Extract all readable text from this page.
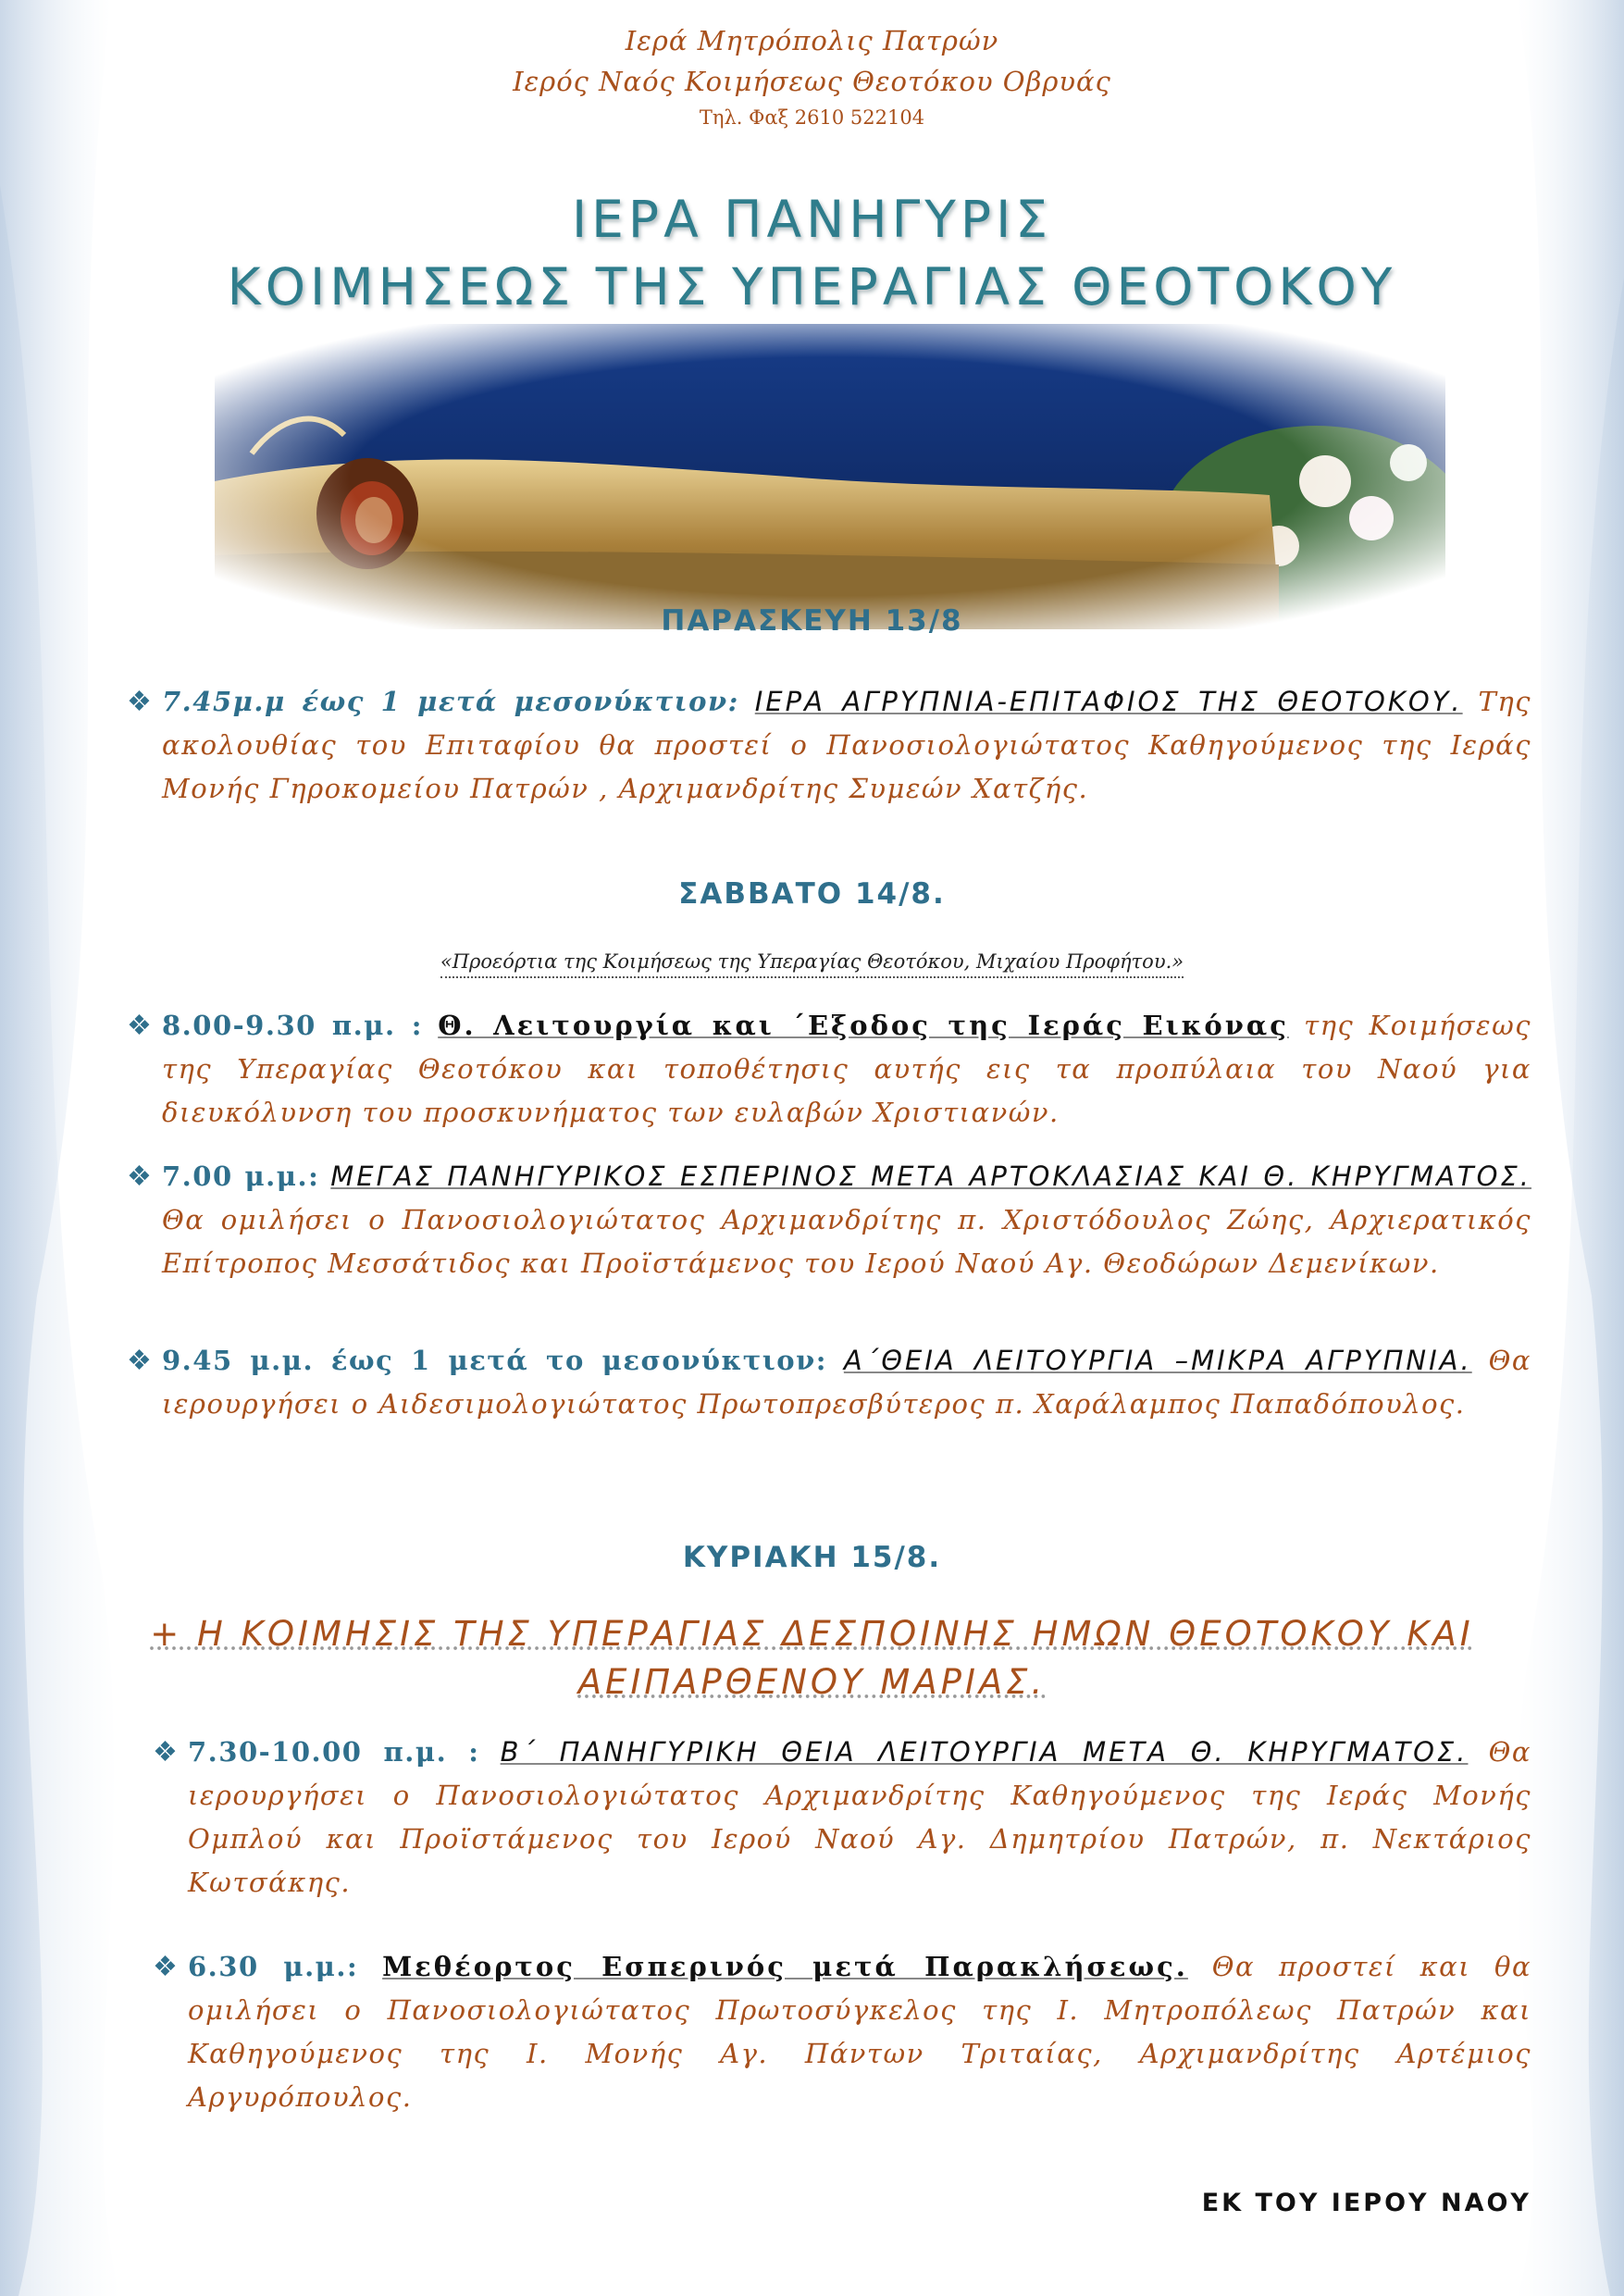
Ιερά Μητρόπολις Πατρών
Ιερός Ναός Κοιμήσεως Θεοτόκου Οβρυάς
Τηλ. Φαξ 2610 522104
ΙΕΡΑ ΠΑΝΗΓΥΡΙΣ
ΚΟΙΜΗΣΕΩΣ ΤΗΣ ΥΠΕΡΑΓΙΑΣ ΘΕΟΤΟΚΟΥ
ΠΑΡΑΣΚΕΥΗ 13/8
❖ 7.45μ.μ έως 1 μετά μεσονύκτιον: ΙΕΡΑ ΑΓΡΥΠΝΙΑ-ΕΠΙΤΑΦΙΟΣ ΤΗΣ ΘΕΟΤΟΚΟΥ. Της ακολουθίας του Επιταφίου θα προστεί ο Πανοσιολογιώτατος Καθηγούμενος της Ιεράς Μονής Γηροκομείου Πατρών , Αρχιμανδρίτης Συμεών Χατζής.
ΣΑΒΒΑΤΟ 14/8.
«Προεόρτια της Κοιμήσεως της Υπεραγίας Θεοτόκου, Μιχαίου Προφήτου.»
❖ 8.00-9.30 π.μ. : Θ. Λειτουργία και ΄Εξοδος της Ιεράς Εικόνας της Κοιμήσεως της Υπεραγίας Θεοτόκου και τοποθέτησις αυτής εις τα προπύλαια του Ναού για διευκόλυνση του προσκυνήματος των ευλαβών Χριστιανών.
❖ 7.00 μ.μ.: ΜΕΓΑΣ ΠΑΝΗΓΥΡΙΚΟΣ ΕΣΠΕΡΙΝΟΣ ΜΕΤΑ ΑΡΤΟΚΛΑΣΙΑΣ ΚΑΙ Θ. ΚΗΡΥΓΜΑΤΟΣ. Θα ομιλήσει ο Πανοσιολογιώτατος Αρχιμανδρίτης π. Χριστόδουλος Ζώης, Αρχιερατικός Επίτροπος Μεσσάτιδος και Προϊστάμενος του Ιερού Ναού Αγ. Θεοδώρων Δεμενίκων.
❖ 9.45 μ.μ. έως 1 μετά το μεσονύκτιον: Α΄ΘΕΙΑ ΛΕΙΤΟΥΡΓΙΑ –ΜΙΚΡΑ ΑΓΡΥΠΝΙΑ. Θα ιερουργήσει ο Αιδεσιμολογιώτατος Πρωτοπρεσβύτερος π. Χαράλαμπος Παπαδόπουλος.
ΚΥΡΙΑΚΗ 15/8.
+ Η ΚΟΙΜΗΣΙΣ ΤΗΣ ΥΠΕΡΑΓΙΑΣ ΔΕΣΠΟΙΝΗΣ ΗΜΩΝ ΘΕΟΤΟΚΟΥ ΚΑΙ
ΑΕΙΠΑΡΘΕΝΟΥ ΜΑΡΙΑΣ.
❖ 7.30-10.00 π.μ. : Β΄ ΠΑΝΗΓΥΡΙΚΗ ΘΕΙΑ ΛΕΙΤΟΥΡΓΙΑ ΜΕΤΑ Θ. ΚΗΡΥΓΜΑΤΟΣ. Θα ιερουργήσει ο Πανοσιολογιώτατος Αρχιμανδρίτης Καθηγούμενος της Ιεράς Μονής Ομπλού και Προϊστάμενος του Ιερού Ναού Αγ. Δημητρίου Πατρών, π. Νεκτάριος Κωτσάκης.
❖ 6.30 μ.μ.: Μεθέορτος Εσπερινός μετά Παρακλήσεως. Θα προστεί και θα ομιλήσει ο Πανοσιολογιώτατος Πρωτοσύγκελος της Ι. Μητροπόλεως Πατρών και Καθηγούμενος της Ι. Μονής Αγ. Πάντων Τριταίας, Αρχιμανδρίτης Αρτέμιος Αργυρόπουλος.
ΕΚ ΤΟΥ ΙΕΡΟΥ ΝΑΟΥ
